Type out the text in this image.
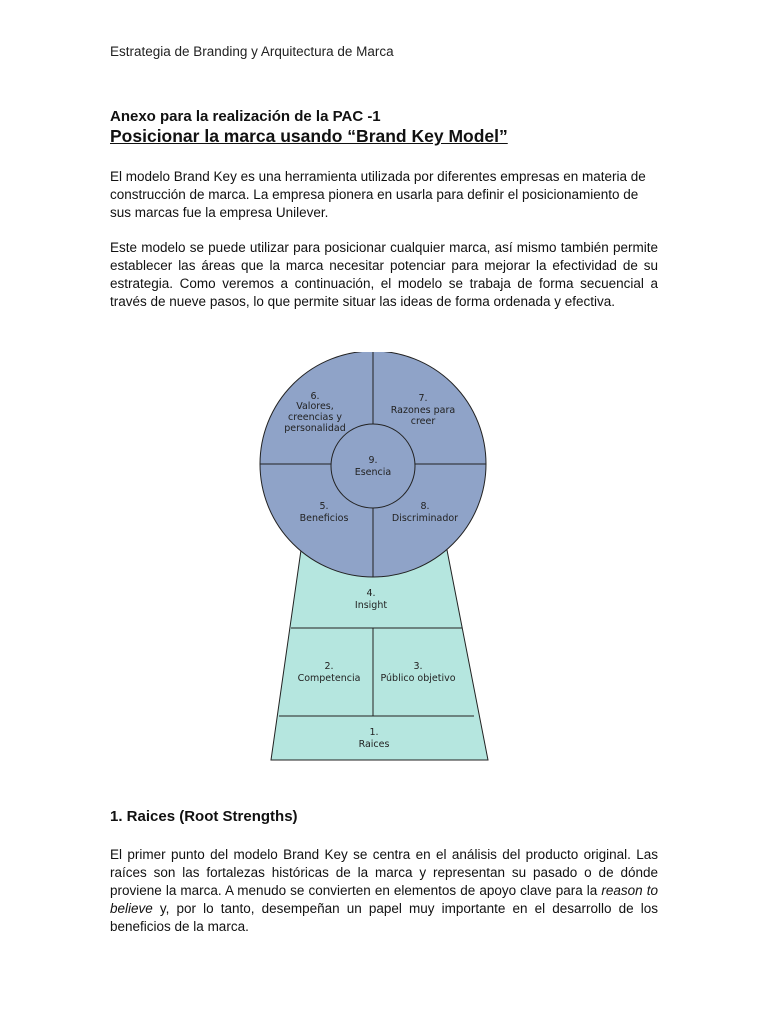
Estrategia de Branding y Arquitectura de Marca
Anexo para la realización de la PAC -1
Posicionar la marca usando “Brand Key Model”

El modelo Brand Key es una herramienta utilizada por diferentes empresas en materia de construcción de marca. La empresa pionera en usarla para definir el posicionamiento de sus marcas fue la empresa Unilever.

Este modelo se puede utilizar para posicionar cualquier marca, así mismo también permite establecer las áreas que la marca necesitar potenciar para mejorar la efectividad de su estrategia. Como veremos a continuación, el modelo se trabaja de forma secuencial a través de nueve pasos, lo que permite situar las ideas de forma ordenada y efectiva.

6.
Valores,
creencias y
personalidad
7.
Razones para
creer
9.
Esencia
5.
Beneficios
8.
Discriminador
4.
Insight
2.
Competencia
3.
Público objetivo
1.
Raices
1. Raices (Root Strengths)

El primer punto del modelo Brand Key se centra en el análisis del producto original. Las raíces son las fortalezas históricas de la marca y representan su pasado o de dónde proviene la marca. A menudo se convierten en elementos de apoyo clave para la reason to believe y, por lo tanto, desempeñan un papel muy importante en el desarrollo de los beneficios de la marca.
